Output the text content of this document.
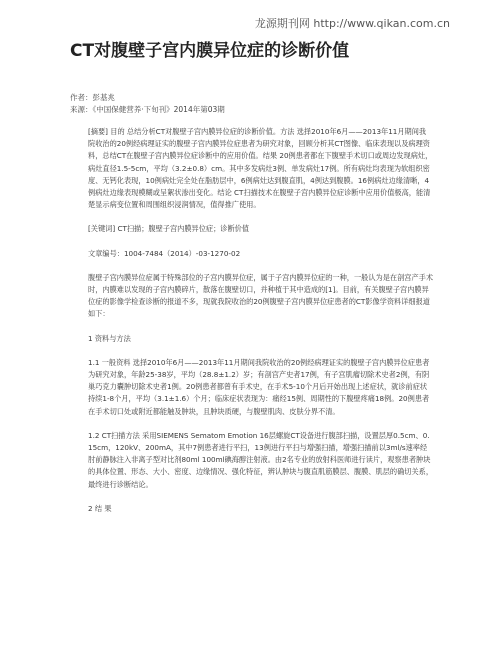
龙源期刊网 http://www.qikan.com.cn
CT对腹壁子宫内膜异位症的诊断价值
作者：彭基兆
来源：《中国保健营养·下旬刊》2014年第03期

[摘要] 目的 总结分析CT对腹壁子宫内膜异位症的诊断价值。方法 选择2010年6月——2013年11月期间我院收治的20例经病理证实的腹壁子宫内膜异位症患者为研究对象，回顾分析其CT图像、临床表现以及病理资料，总结CT在腹壁子宫内膜异位症诊断中的应用价值。结果 20例患者都在下腹壁手术切口或周边发现病灶，病灶直径1.5-5cm，平均（3.2±0.8）cm。其中多发病灶3例、单发病灶17例。所有病灶均表现为软组织密度、无钙化表现，10例病灶完全处在脂肪层中，6例病灶达到腹直肌，4例达到腹膜。16例病灶边缘清晰，4例病灶边缘表现模糊或呈絮状渗出变化。结论 CT扫描技术在腹壁子宫内膜异位症诊断中应用价值极高，能清楚显示病变位置和周围组织浸润情况，值得推广使用。

[关键词] CT扫描；腹壁子宫内膜异位症；诊断价值

文章编号：1004-7484（2014）-03-1270-02

腹壁子宫内膜异位症属于特殊部位的子宫内膜异位症，属于子宫内膜异位症的一种，一般认为是在剖宫产手术时，内膜难以发现的子宫内膜碎片，散落在腹壁切口，并种植于其中造成的[1]。目前，有关腹壁子宫内膜异位症的影像学检查诊断的报道不多，现就我院收治的20例腹壁子宫内膜异位症患者的CT影像学资料详细报道如下：

1 资料与方法

1.1 一般资料 选择2010年6月——2013年11月期间我院收治的20例经病理证实的腹壁子宫内膜异位症患者为研究对象，年龄25-38岁，平均（28.8±1.2）岁；有剖宫产史者17例，有子宫肌瘤切除术史者2例，有阴巢巧克力囊肿切除术史者1例。20例患者都曾有手术史，在手术5-10个月后开始出现上述症状，就诊前症状持续1-8个月，平均（3.1±1.6）个月；临床症状表现为：痛经15例、周期性的下腹壁疼痛18例。20例患者在手术切口处或附近都能触及肿块，且肿块质硬，与腹壁肌肉、皮肤分界不清。

1.2 CT扫描方法 采用SIEMENS Sematom Emotion 16层螺旋CT设备进行腹部扫描，设置层厚0.5cm、0.15cm，120kV、200mA，其中7例患者进行平扫，13例进行平扫与增强扫描，增强扫描前以3ml/s速率经肘前静脉注入非离子型对比剂80ml 100ml碘海醇注射液。由2名专业的放射科医师进行读片，观察患者肿块的具体位置、形态、大小、密度、边缘情况、强化特征，辨认肿块与腹直肌筋膜层、腹膜、肌层的确切关系，最终进行诊断结论。

2 结 果
